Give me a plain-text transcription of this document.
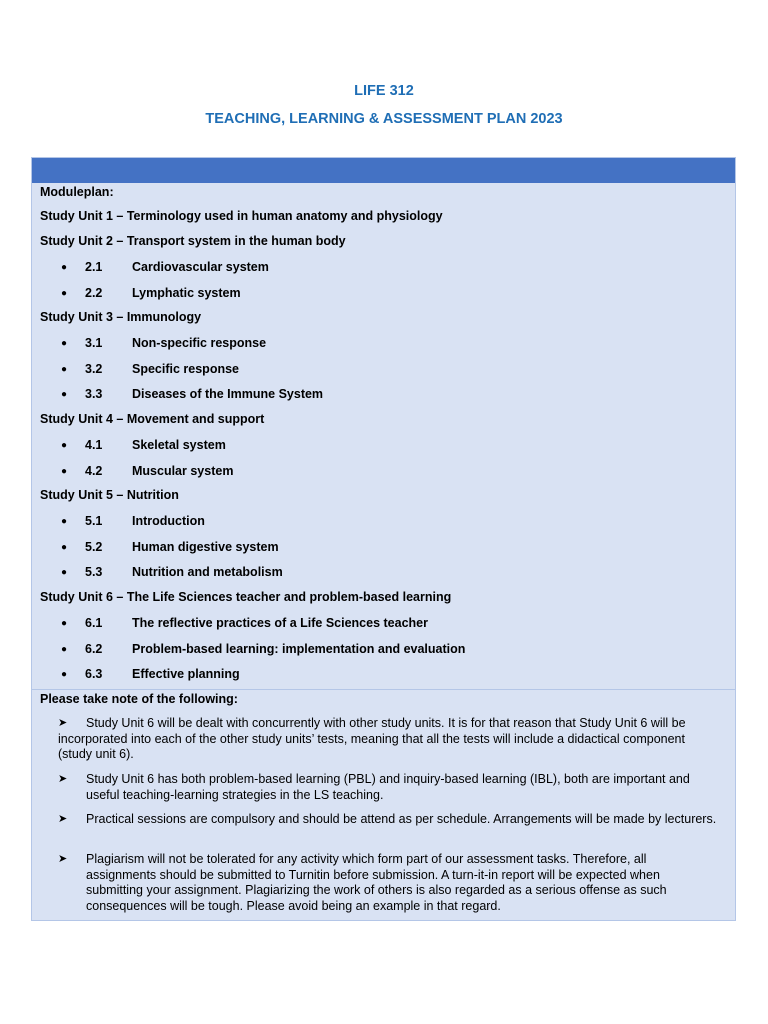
LIFE 312
TEACHING, LEARNING & ASSESSMENT PLAN 2023
Moduleplan:
Study Unit 1 – Terminology used in human anatomy and physiology
Study Unit 2 – Transport system in the human body
● 2.1 Cardiovascular system
● 2.2 Lymphatic system
Study Unit 3 – Immunology
● 3.1 Non-specific response
● 3.2 Specific response
● 3.3 Diseases of the Immune System
Study Unit 4 – Movement and support
● 4.1 Skeletal system
● 4.2 Muscular system
Study Unit 5 – Nutrition
● 5.1 Introduction
● 5.2 Human digestive system
● 5.3 Nutrition and metabolism
Study Unit 6 – The Life Sciences teacher and problem-based learning
● 6.1 The reflective practices of a Life Sciences teacher
● 6.2 Problem-based learning: implementation and evaluation
● 6.3 Effective planning
Please take note of the following:
➤	Study Unit 6 will be dealt with concurrently with other study units. It is for that reason that Study Unit 6 will be incorporated into each of the other study units’ tests, meaning that all the tests will include a didactical component (study unit 6).
➤	Study Unit 6 has both problem-based learning (PBL) and inquiry-based learning (IBL), both are important and useful teaching-learning strategies in the LS teaching.
➤	Practical sessions are compulsory and should be attend as per schedule. Arrangements will be made by lecturers.
➤	Plagiarism will not be tolerated for any activity which form part of our assessment tasks. Therefore, all assignments should be submitted to Turnitin before submission. A turn-it-in report will be expected when submitting your assignment. Plagiarizing the work of others is also regarded as a serious offense as such consequences will be tough. Please avoid being an example in that regard.
